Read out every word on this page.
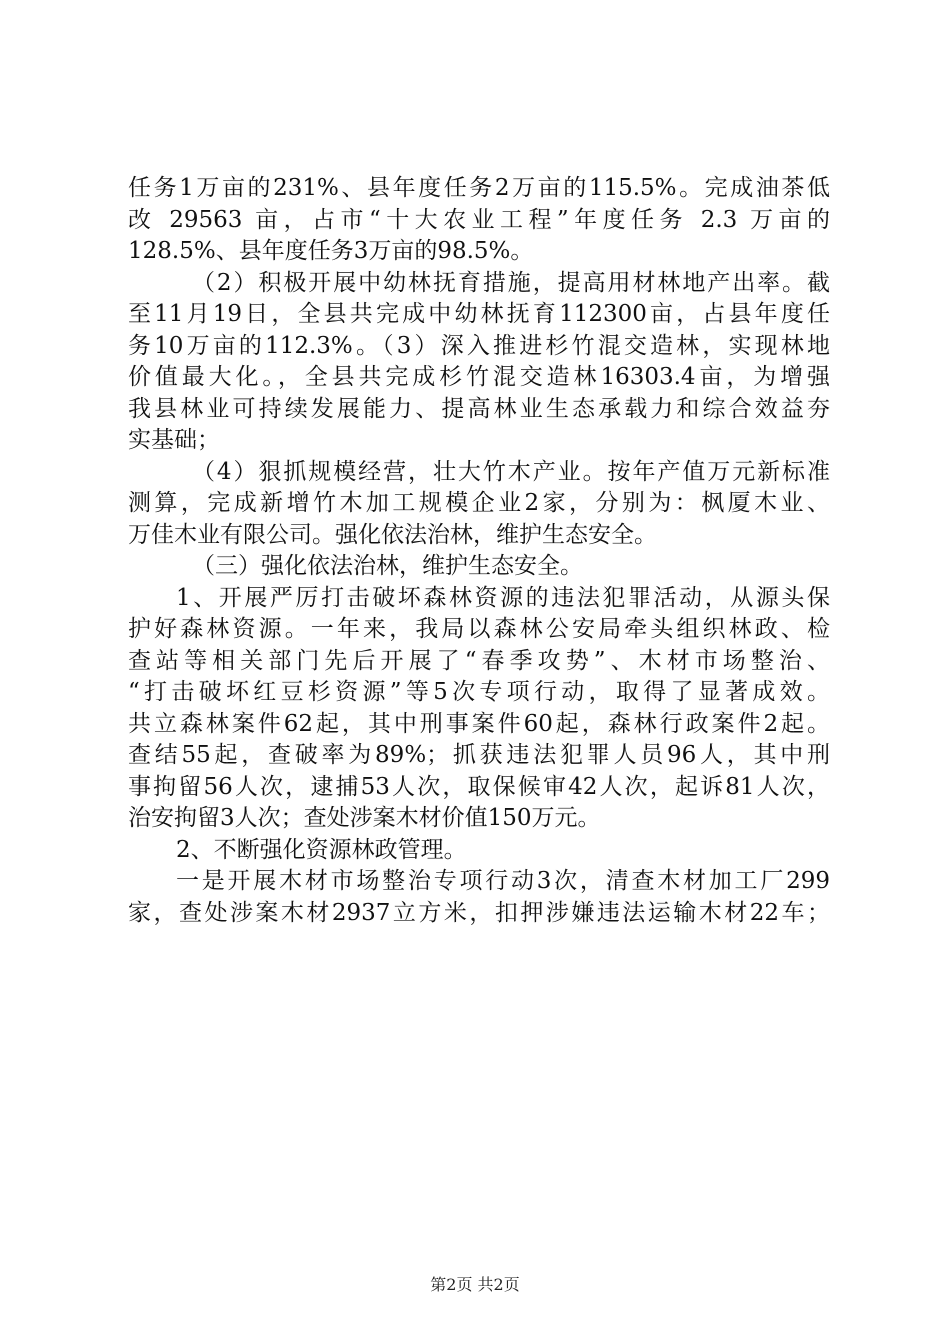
任务1万亩的231%、县年度任务2万亩的115.5%。完成油茶低
改 29563 亩，占市“十大农业工程”年度任务 2.3 万亩的
128.5%、县年度任务3万亩的98.5%。
（2）积极开展中幼林抚育措施，提高用材林地产出率。截
至11月19日，全县共完成中幼林抚育112300亩，占县年度任
务10万亩的112.3%。（3）深入推进杉竹混交造林，实现林地
价值最大化。，全县共完成杉竹混交造林16303.4亩，为增强
我县林业可持续发展能力、提高林业生态承载力和综合效益夯
实基础；
（4）狠抓规模经营，壮大竹木产业。按年产值万元新标准
测算，完成新增竹木加工规模企业2家，分别为：枫厦木业、
万佳木业有限公司。强化依法治林，维护生态安全。
（三）强化依法治林，维护生态安全。
1、开展严厉打击破坏森林资源的违法犯罪活动，从源头保
护好森林资源。一年来，我局以森林公安局牵头组织林政、检
查站等相关部门先后开展了“春季攻势”、木材市场整治、
“打击破坏红豆杉资源”等5次专项行动，取得了显著成效。
共立森林案件62起，其中刑事案件60起，森林行政案件2起。
查结55起，查破率为89%；抓获违法犯罪人员96人，其中刑
事拘留56人次，逮捕53人次，取保候审42人次，起诉81人次，
治安拘留3人次；查处涉案木材价值150万元。
2、不断强化资源林政管理。
一是开展木材市场整治专项行动3次，清查木材加工厂299
家，查处涉案木材2937立方米，扣押涉嫌违法运输木材22车；
第2页 共2页
